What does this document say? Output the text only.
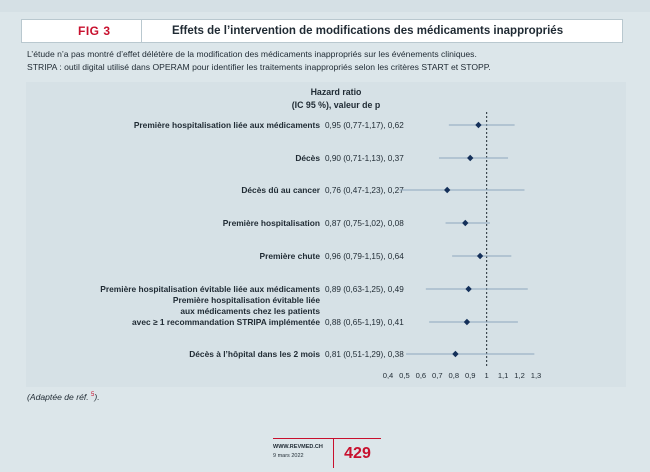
FIG 3	Effets de l’intervention de modifications des médicaments inappropriés
L’étude n’a pas montré d’effet délétère de la modification des médicaments inappropriés sur les événements cliniques.
STRIPA : outil digital utilisé dans OPERAM pour identifier les traitements inappropriés selon les critères START et STOPP.
Hazard ratio
(IC 95 %), valeur de p
Première hospitalisation liée aux médicaments 0,95 (0,77-1,17), 0,62
Décès 0,90 (0,71-1,13), 0,37
Décès dû au cancer 0,76 (0,47-1,23), 0,27
Première hospitalisation 0,87 (0,75-1,02), 0,08
Première chute 0,96 (0,79-1,15), 0,64
Première hospitalisation évitable liée aux médicaments 0,89 (0,63-1,25), 0,49
Première hospitalisation évitable liée
aux médicaments chez les patients
avec ≥ 1 recommandation STRIPA implémentée 0,88 (0,65-1,19), 0,41
Décès à l’hôpital dans les 2 mois 0,81 (0,51-1,29), 0,38
0,4 0,5 0,6 0,7 0,8 0,9 1 1,1 1,2 1,3
(Adaptée de réf. $^5$).
WWW.REVMED.CH
9 mars 2022	429
